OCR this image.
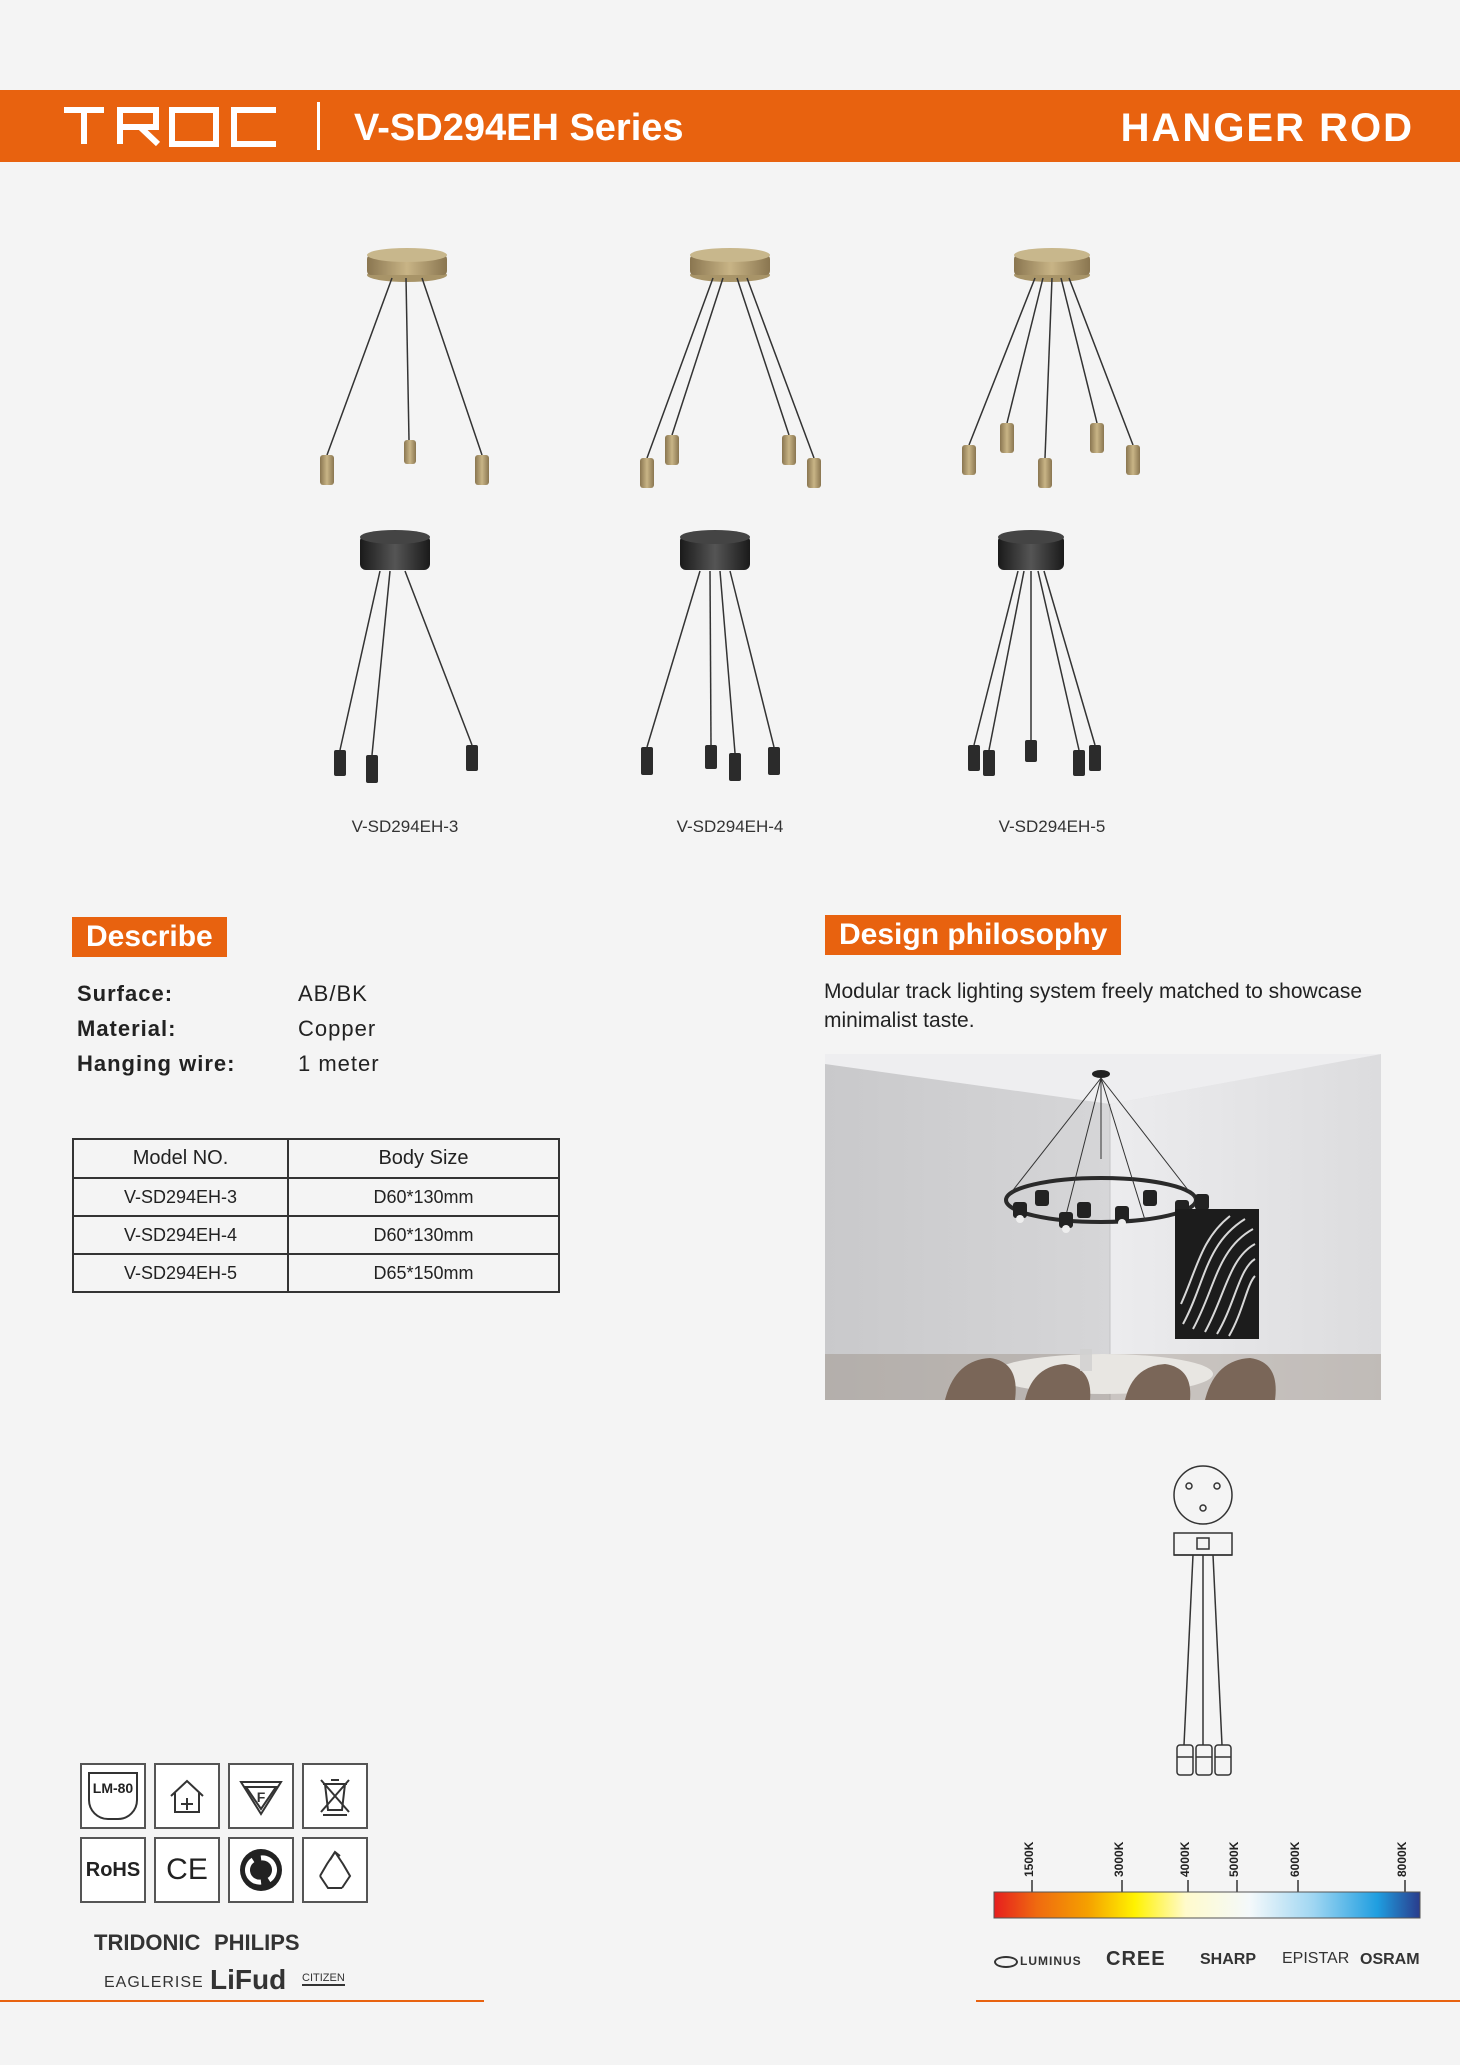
V-SD294EH Series	HANGER ROD
V-SD294EH-3	V-SD294EH-4	V-SD294EH-5
Describe
Surface:	AB/BK
Material:	Copper
Hanging wire:	1 meter
Model NO.	Body Size
V-SD294EH-3	D60*130mm
V-SD294EH-4	D60*130mm
V-SD294EH-5	D65*150mm
Design philosophy
Modular track lighting system freely matched to showcase minimalist taste.
LM-80
F
RoHS CE
TRIDONIC PHILIPS
EAGLERISE LiFud CITIZEN
1500K	3000K	4000K	5000K	6000K	8000K
LUMINUS CREE SHARP EPISTAR OSRAM
